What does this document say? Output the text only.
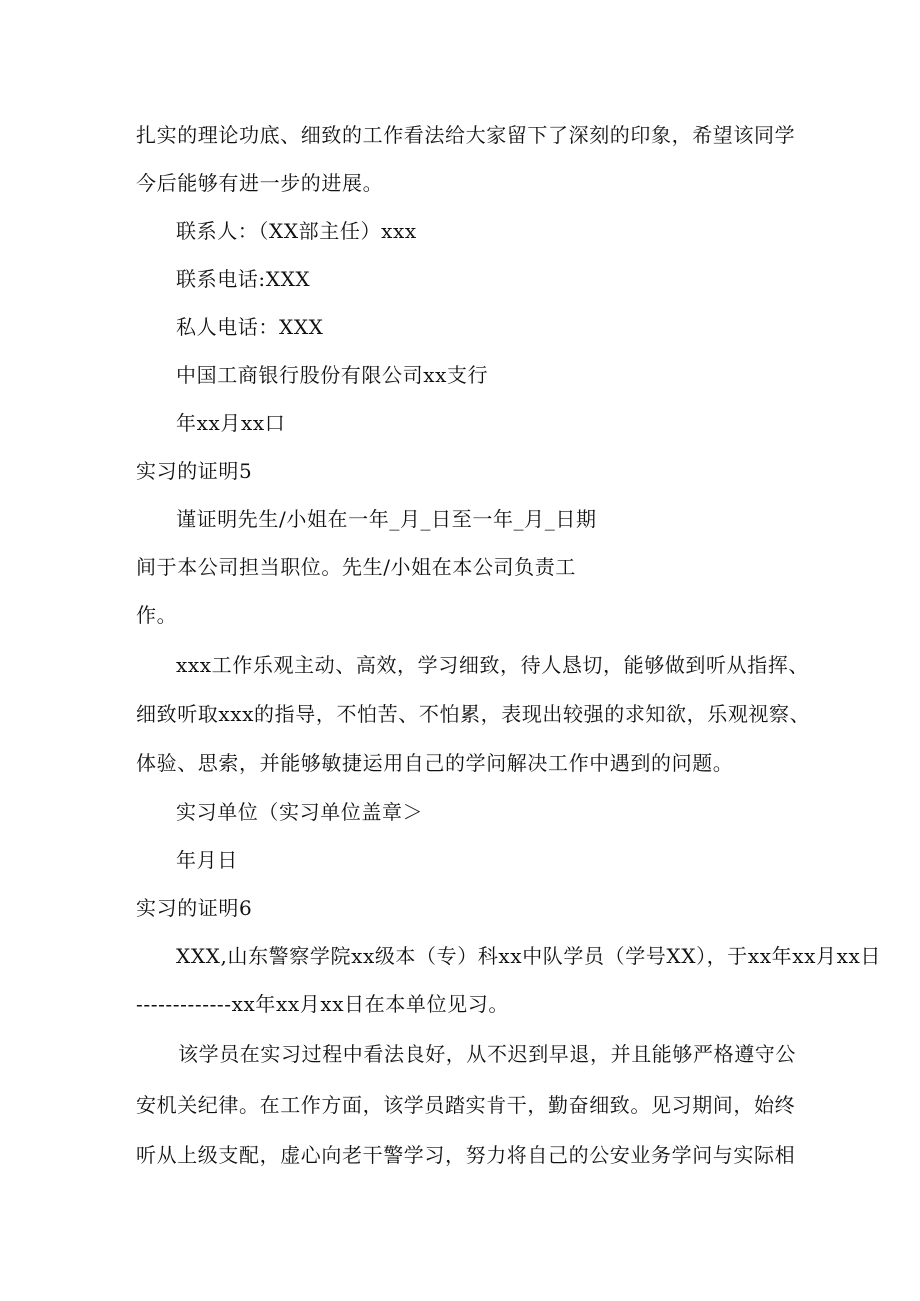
扎实的理论功底、细致的工作看法给大家留下了深刻的印象，希望该同学
今后能够有进一步的进展。
联系人：（XX部主任）xxx
联系电话:XXX
私人电话：XXX
中国工商银行股份有限公司xx支行
年xx月xx口
实习的证明5
谨证明先生/小姐在一年_月_日至一年_月_日期
间于本公司担当职位。先生/小姐在本公司负责工
作。
xxx工作乐观主动、高效，学习细致，待人恳切，能够做到听从指挥、
细致听取xxx的指导，不怕苦、不怕累，表现出较强的求知欲，乐观视察、
体验、思索，并能够敏捷运用自己的学问解决工作中遇到的问题。
实习单位（实习单位盖章＞
年月日
实习的证明6
XXX,山东警察学院xx级本（专）科xx中队学员（学号XX），于xx年xx月xx日
-------------xx年xx月xx日在本单位见习。
该学员在实习过程中看法良好，从不迟到早退，并且能够严格遵守公
安机关纪律。在工作方面，该学员踏实肯干，勤奋细致。见习期间，始终
听从上级支配，虚心向老干警学习，努力将自己的公安业务学问与实际相
